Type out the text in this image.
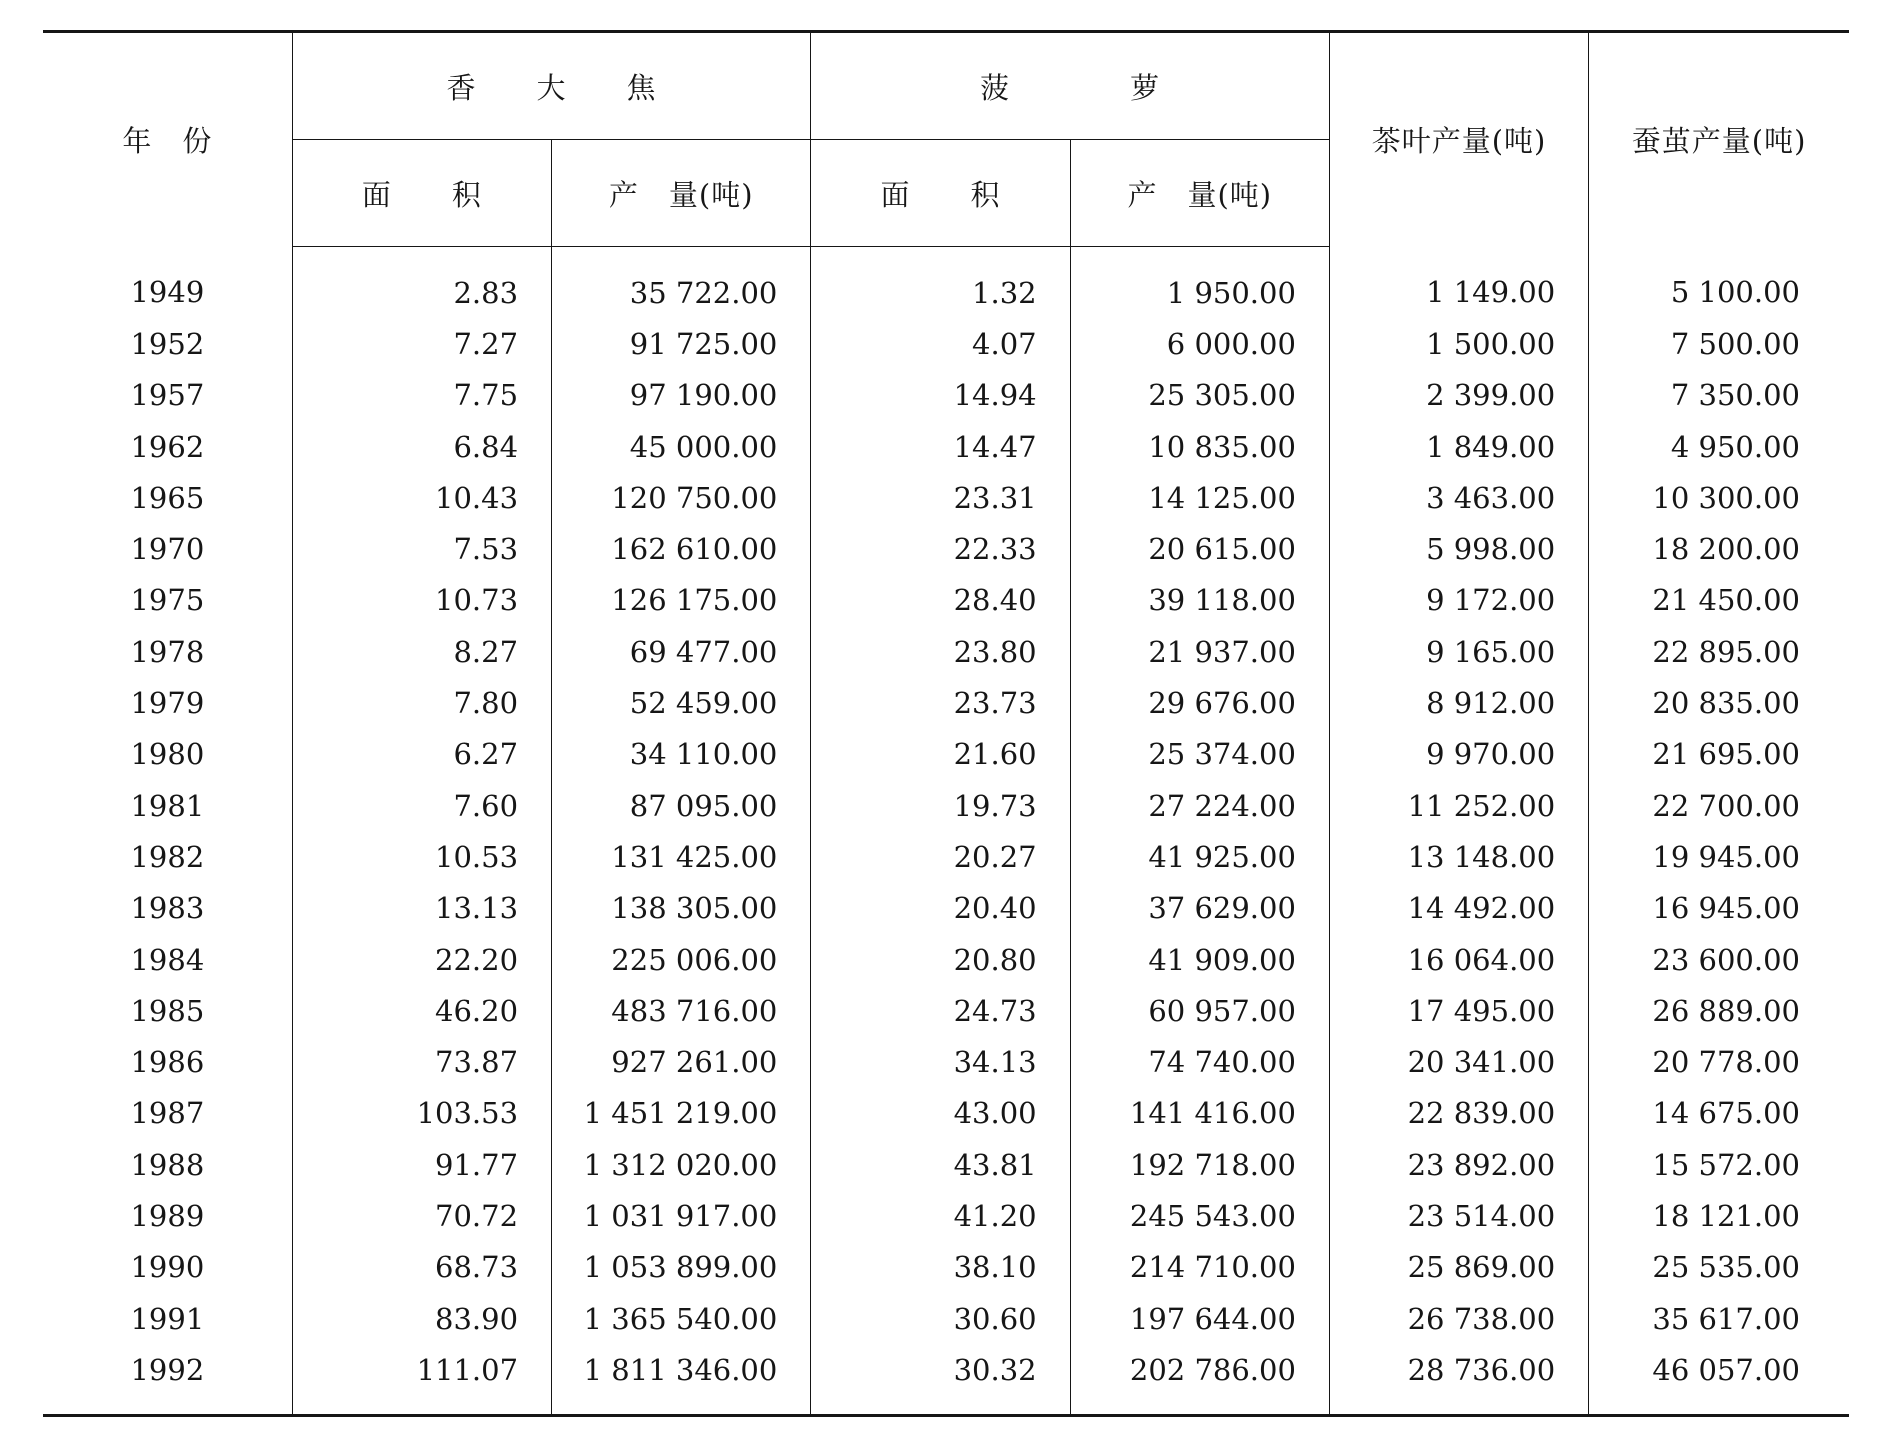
年　份	香　　大　　焦		菠　　　　萝		茶叶产量(吨)	蚕茧产量(吨)
	面　　积	产　量(吨)	面　　积	产　量(吨)		
1949	2.83	35 722.00	1.32	1 950.00	1 149.00	5 100.00
1952	7.27	91 725.00	4.07	6 000.00	1 500.00	7 500.00
1957	7.75	97 190.00	14.94	25 305.00	2 399.00	7 350.00
1962	6.84	45 000.00	14.47	10 835.00	1 849.00	4 950.00
1965	10.43	120 750.00	23.31	14 125.00	3 463.00	10 300.00
1970	7.53	162 610.00	22.33	20 615.00	5 998.00	18 200.00
1975	10.73	126 175.00	28.40	39 118.00	9 172.00	21 450.00
1978	8.27	69 477.00	23.80	21 937.00	9 165.00	22 895.00
1979	7.80	52 459.00	23.73	29 676.00	8 912.00	20 835.00
1980	6.27	34 110.00	21.60	25 374.00	9 970.00	21 695.00
1981	7.60	87 095.00	19.73	27 224.00	11 252.00	22 700.00
1982	10.53	131 425.00	20.27	41 925.00	13 148.00	19 945.00
1983	13.13	138 305.00	20.40	37 629.00	14 492.00	16 945.00
1984	22.20	225 006.00	20.80	41 909.00	16 064.00	23 600.00
1985	46.20	483 716.00	24.73	60 957.00	17 495.00	26 889.00
1986	73.87	927 261.00	34.13	74 740.00	20 341.00	20 778.00
1987	103.53	1 451 219.00	43.00	141 416.00	22 839.00	14 675.00
1988	91.77	1 312 020.00	43.81	192 718.00	23 892.00	15 572.00
1989	70.72	1 031 917.00	41.20	245 543.00	23 514.00	18 121.00
1990	68.73	1 053 899.00	38.10	214 710.00	25 869.00	25 535.00
1991	83.90	1 365 540.00	30.60	197 644.00	26 738.00	35 617.00
1992	111.07	1 811 346.00	30.32	202 786.00	28 736.00	46 057.00
